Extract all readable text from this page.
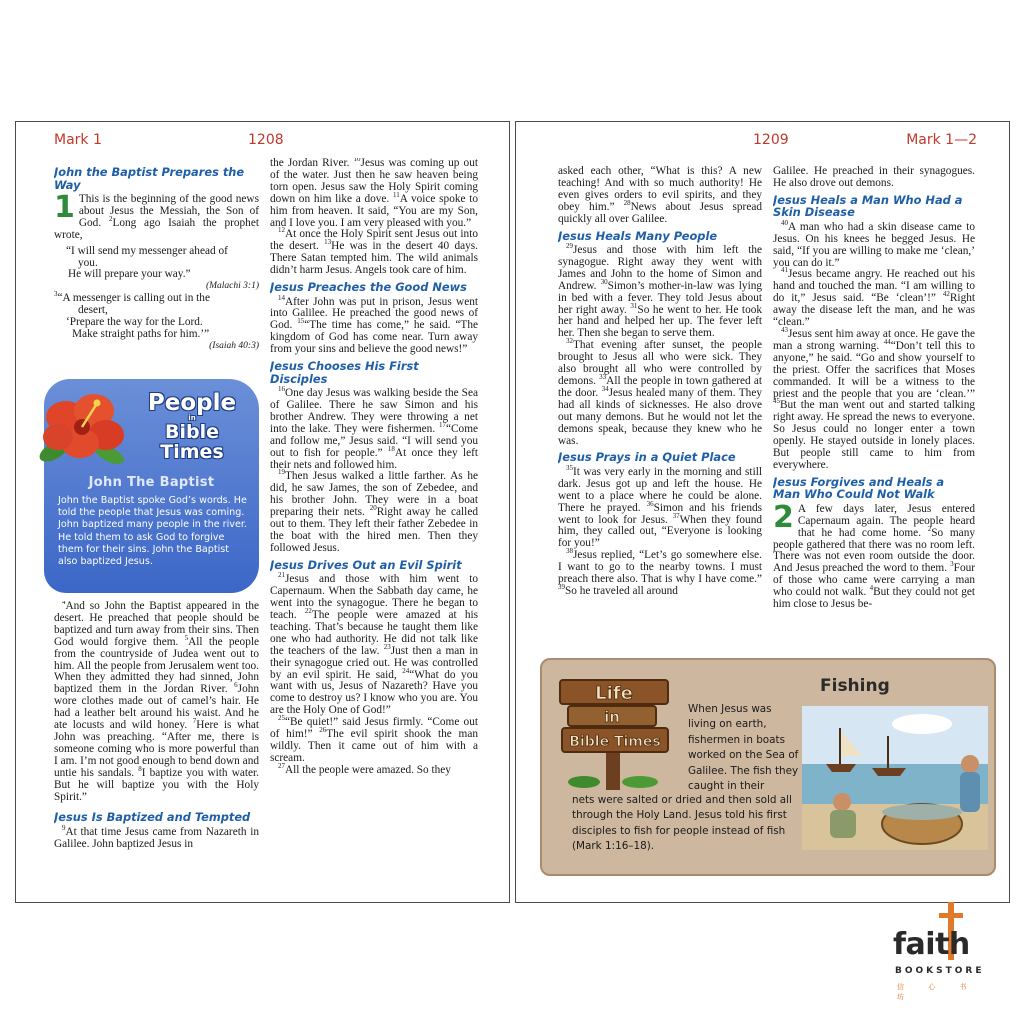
Mark 1	1208
John the Baptist Prepares the Way

1 This is the beginning of the good news about Jesus the Messiah, the Son of God. $^2$Long ago Isaiah the prophet wrote,

“I will send my messenger ahead of

you.

He will prepare your way.”

(Malachi 3:1)

$^3$“A messenger is calling out in the

desert,

‘Prepare the way for the Lord.

Make straight paths for him.’”

(Isaiah 40:3)

People
in
Bible Times
John The Baptist
John the Baptist spoke God’s words. He told the people that Jesus was coming. John baptized many people in the river. He told them to ask God to forgive them for their sins. John the Baptist also baptized Jesus.

$^4$And so John the Baptist appeared in the desert. He preached that people should be baptized and turn away from their sins. Then God would forgive them. $^5$All the people from the countryside of Judea went out to him. All the people from Jerusalem went too. When they admitted they had sinned, John baptized them in the Jordan River. $^6$John wore clothes made out of camel’s hair. He had a leather belt around his waist. And he ate locusts and wild honey. $^7$Here is what John was preaching. “After me, there is someone coming who is more powerful than I am. I’m not good enough to bend down and untie his sandals. $^8$I baptize you with water. But he will baptize you with the Holy Spirit.”

Jesus Is Baptized and Tempted

$^9$At that time Jesus came from Nazareth in Galilee. John baptized Jesus in

the Jordan River. $^{10}$Jesus was coming up out of the water. Just then he saw heaven being torn open. Jesus saw the Holy Spirit coming down on him like a dove. $^{11}$A voice spoke to him from heaven. It said, “You are my Son, and I love you. I am very pleased with you.”

$^{12}$At once the Holy Spirit sent Jesus out into the desert. $^{13}$He was in the desert 40 days. There Satan tempted him. The wild animals didn’t harm Jesus. Angels took care of him.

Jesus Preaches the Good News

$^{14}$After John was put in prison, Jesus went into Galilee. He preached the good news of God. $^{15}$“The time has come,” he said. “The kingdom of God has come near. Turn away from your sins and believe the good news!”

Jesus Chooses His First Disciples

$^{16}$One day Jesus was walking beside the Sea of Galilee. There he saw Simon and his brother Andrew. They were throwing a net into the lake. They were fishermen. $^{17}$“Come and follow me,” Jesus said. “I will send you out to fish for people.” $^{18}$At once they left their nets and followed him.

$^{19}$Then Jesus walked a little farther. As he did, he saw James, the son of Zebedee, and his brother John. They were in a boat preparing their nets. $^{20}$Right away he called out to them. They left their father Zebedee in the boat with the hired men. Then they followed Jesus.

Jesus Drives Out an Evil Spirit

$^{21}$Jesus and those with him went to Capernaum. When the Sabbath day came, he went into the synagogue. There he began to teach. $^{22}$The people were amazed at his teaching. That’s because he taught them like one who had authority. He did not talk like the teachers of the law. $^{23}$Just then a man in their synagogue cried out. He was controlled by an evil spirit. He said, $^{24}$“What do you want with us, Jesus of Nazareth? Have you come to destroy us? I know who you are. You are the Holy One of God!”

$^{25}$“Be quiet!” said Jesus firmly. “Come out of him!” $^{26}$The evil spirit shook the man wildly. Then it came out of him with a scream.

$^{27}$All the people were amazed. So they

1209	Mark 1—2

asked each other, “What is this? A new teaching! And with so much authority! He even gives orders to evil spirits, and they obey him.” $^{28}$News about Jesus spread quickly all over Galilee.

Jesus Heals Many People

$^{29}$Jesus and those with him left the synagogue. Right away they went with James and John to the home of Simon and Andrew. $^{30}$Simon’s mother-in-law was lying in bed with a fever. They told Jesus about her right away. $^{31}$So he went to her. He took her hand and helped her up. The fever left her. Then she began to serve them.

$^{32}$That evening after sunset, the people brought to Jesus all who were sick. They also brought all who were controlled by demons. $^{33}$All the people in town gathered at the door. $^{34}$Jesus healed many of them. They had all kinds of sicknesses. He also drove out many demons. But he would not let the demons speak, because they knew who he was.

Jesus Prays in a Quiet Place

$^{35}$It was very early in the morning and still dark. Jesus got up and left the house. He went to a place where he could be alone. There he prayed. $^{36}$Simon and his friends went to look for Jesus. $^{37}$When they found him, they called out, “Everyone is looking for you!”

$^{38}$Jesus replied, “Let’s go somewhere else. I want to go to the nearby towns. I must preach there also. That is why I have come.” $^{39}$So he traveled all around

Galilee. He preached in their synagogues. He also drove out demons.

Jesus Heals a Man Who Had a Skin Disease

$^{40}$A man who had a skin disease came to Jesus. On his knees he begged Jesus. He said, “If you are willing to make me ‘clean,’ you can do it.”

$^{41}$Jesus became angry. He reached out his hand and touched the man. “I am willing to do it,” Jesus said. “Be ‘clean’!” $^{42}$Right away the disease left the man, and he was “clean.”

$^{43}$Jesus sent him away at once. He gave the man a strong warning. $^{44}$“Don’t tell this to anyone,” he said. “Go and show yourself to the priest. Offer the sacrifices that Moses commanded. It will be a witness to the priest and the people that you are ‘clean.’” $^{45}$But the man went out and started talking right away. He spread the news to everyone. So Jesus could no longer enter a town openly. He stayed outside in lonely places. But people still came to him from everywhere.

Jesus Forgives and Heals a Man Who Could Not Walk

2 A few days later, Jesus entered Capernaum again. The people heard that he had come home. $^2$So many people gathered that there was no room left. There was not even room outside the door. And Jesus preached the word to them. $^3$Four of those who came were carrying a man who could not walk. $^4$But they could not get him close to Jesus be-

Life
in
Bible Times
Fishing
When Jesus was living on earth, fishermen in boats worked on the Sea of Galilee. The fish they caught in their
nets were salted or dried and then sold all through the Holy Land. Jesus told his first disciples to fish for people instead of fish (Mark 1:16–18).
faith
BOOKSTORE
信 心 书 坊
